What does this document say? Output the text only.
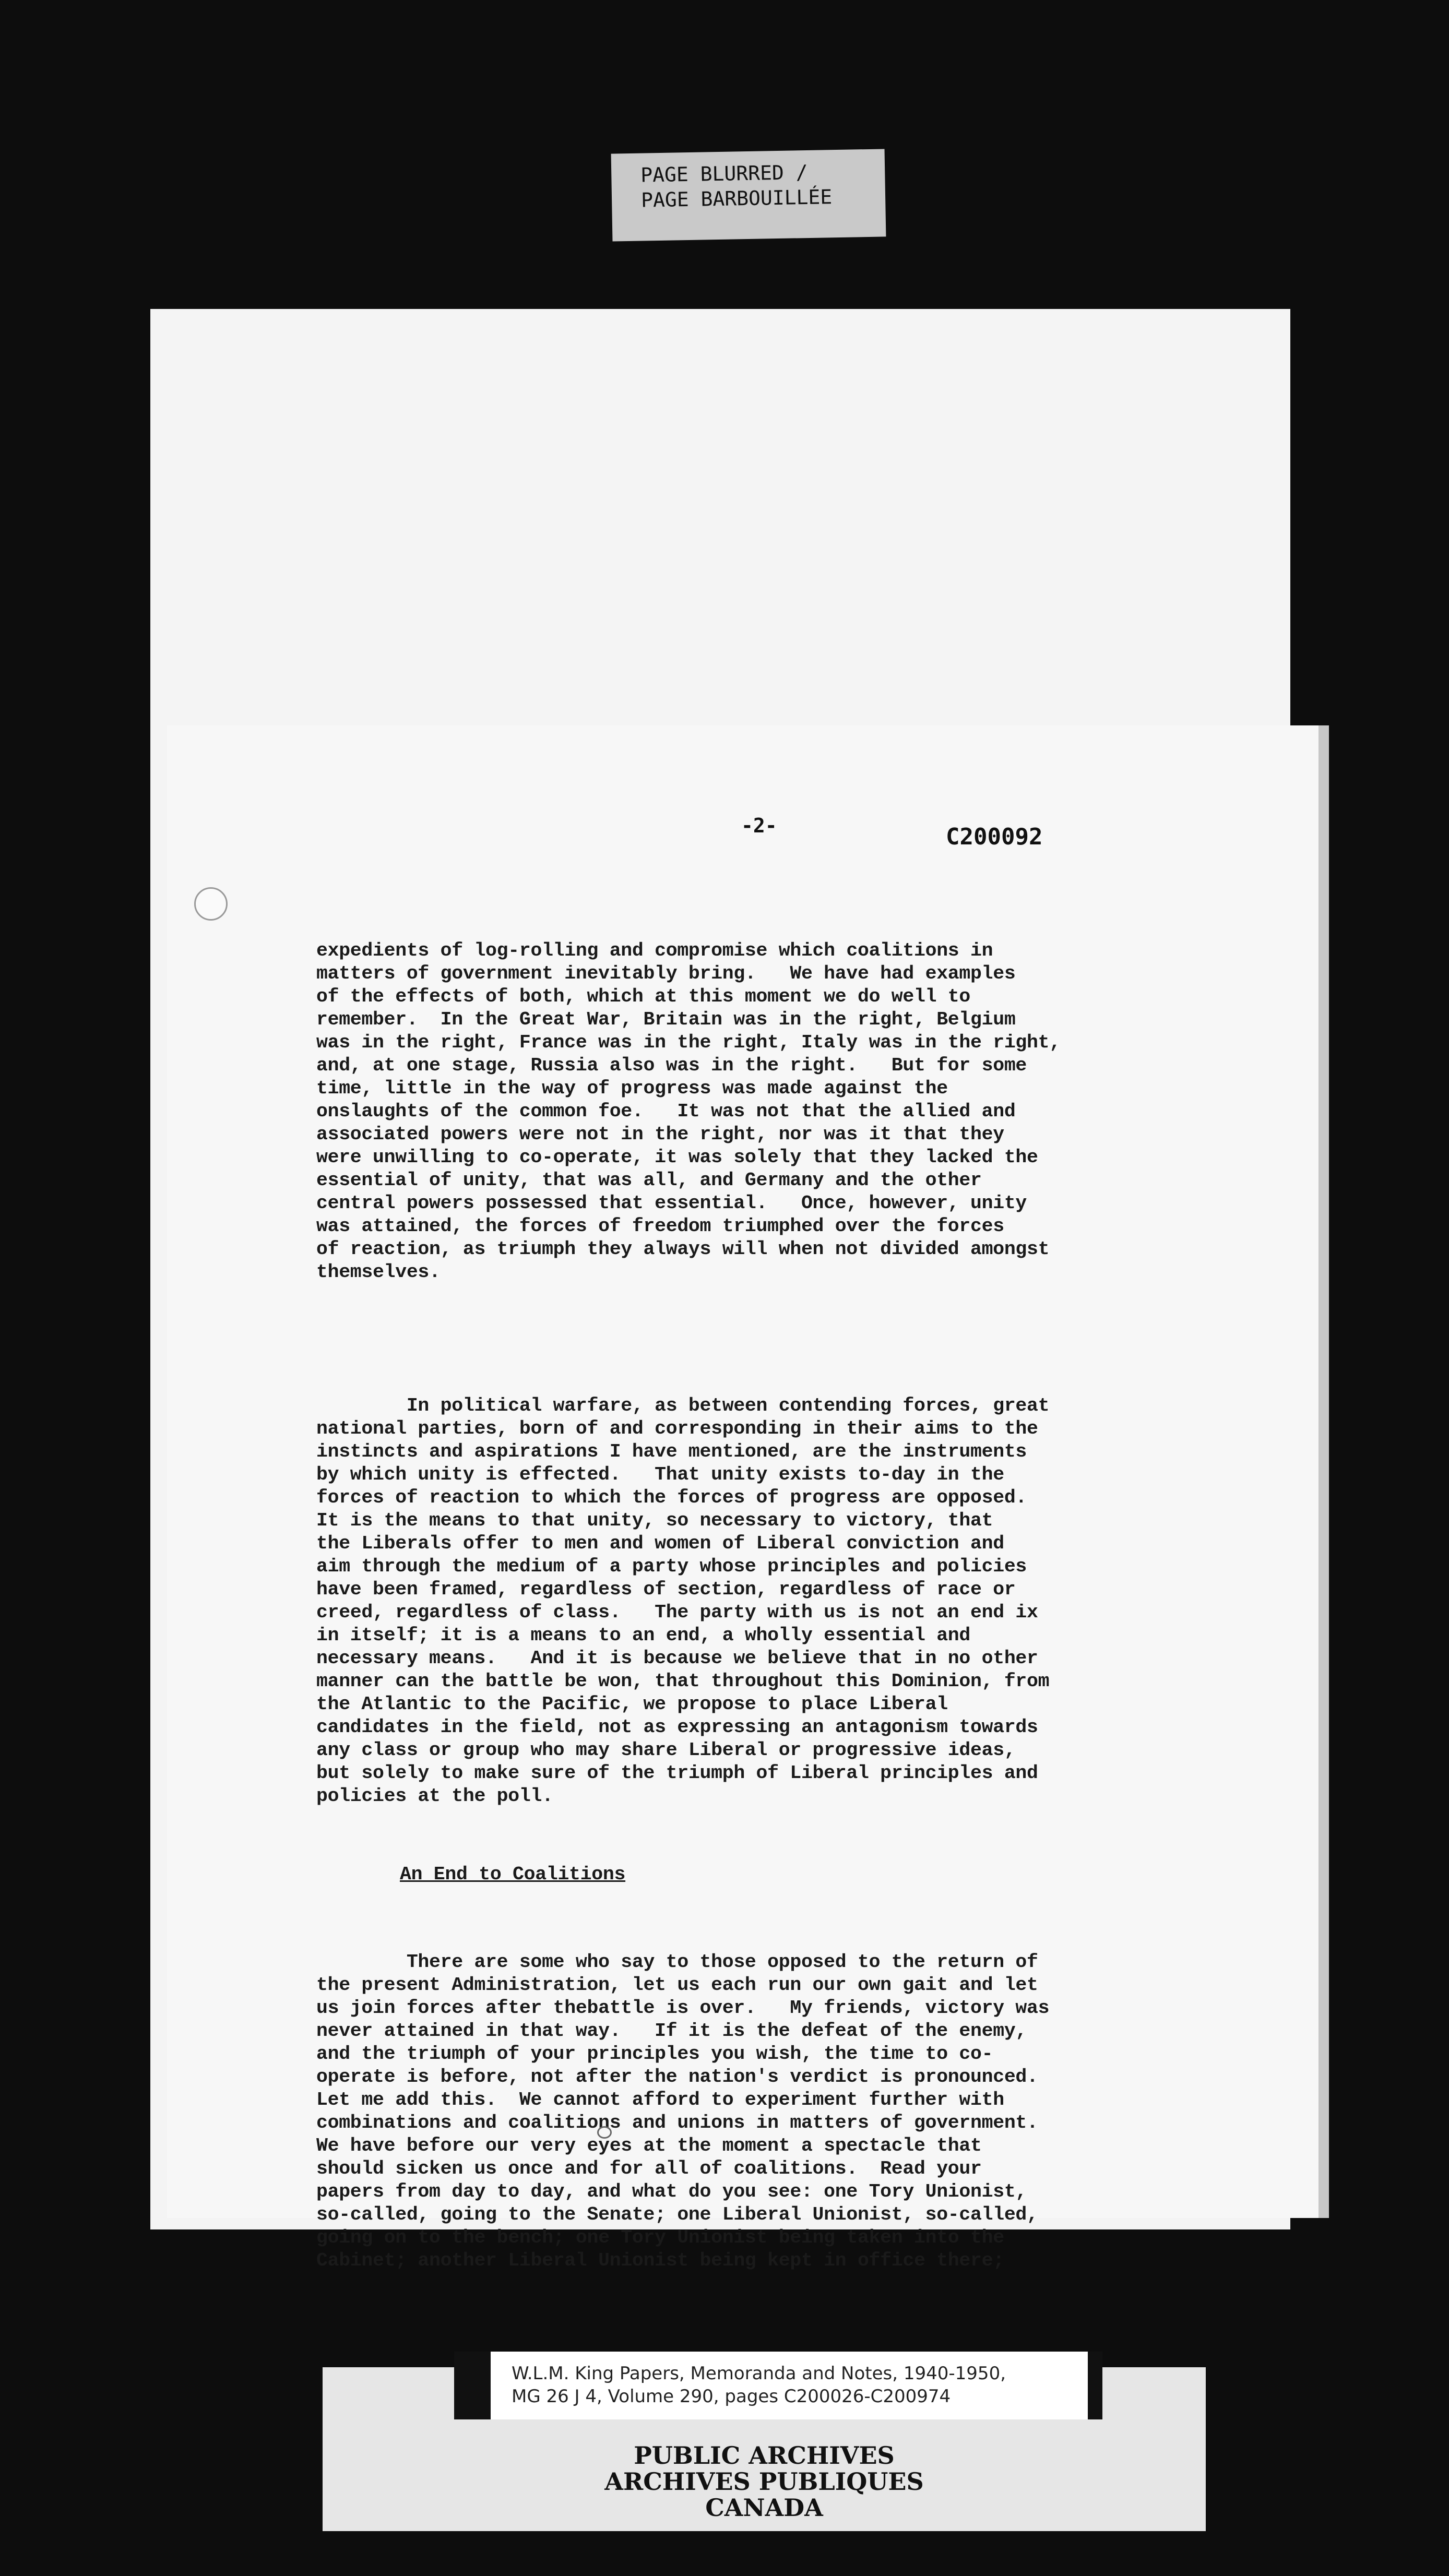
PAGE BLURRED /
PAGE BARBOUILLÉE
-2-	C200092

expedients of log-rolling and compromise which coalitions in
matters of government inevitably bring.   We have had examples
of the effects of both, which at this moment we do well to
remember.  In the Great War, Britain was in the right, Belgium
was in the right, France was in the right, Italy was in the right,
and, at one stage, Russia also was in the right.   But for some
time, little in the way of progress was made against the
onslaughts of the common foe.   It was not that the allied and
associated powers were not in the right, nor was it that they
were unwilling to co-operate, it was solely that they lacked the
essential of unity, that was all, and Germany and the other
central powers possessed that essential.   Once, however, unity
was attained, the forces of freedom triumphed over the forces
of reaction, as triumph they always will when not divided amongst
themselves.

In political warfare, as between contending forces, great
national parties, born of and corresponding in their aims to the
instincts and aspirations I have mentioned, are the instruments
by which unity is effected.   That unity exists to-day in the
forces of reaction to which the forces of progress are opposed.
It is the means to that unity, so necessary to victory, that
the Liberals offer to men and women of Liberal conviction and
aim through the medium of a party whose principles and policies
have been framed, regardless of section, regardless of race or
creed, regardless of class.   The party with us is not an end ix
in itself; it is a means to an end, a wholly essential and
necessary means.   And it is because we believe that in no other
manner can the battle be won, that throughout this Dominion, from
the Atlantic to the Pacific, we propose to place Liberal
candidates in the field, not as expressing an antagonism towards
any class or group who may share Liberal or progressive ideas,
but solely to make sure of the triumph of Liberal principles and
policies at the poll.

An End to Coalitions

There are some who say to those opposed to the return of
the present Administration, let us each run our own gait and let
us join forces after thebattle is over.   My friends, victory was
never attained in that way.   If it is the defeat of the enemy,
and the triumph of your principles you wish, the time to co-
operate is before, not after the nation's verdict is pronounced.
Let me add this.  We cannot afford to experiment further with
combinations and coalitions and unions in matters of government.
We have before our very eyes at the moment a spectacle that
should sicken us once and for all of coalitions.  Read your
papers from day to day, and what do you see: one Tory Unionist,
so-called, going to the Senate; one Liberal Unionist, so-called,
going on to the bench; one Tory Unionist being taken into the
Cabinet; another Liberal Unionist being kept in office there;

W.L.M. King Papers, Memoranda and Notes, 1940-1950,
MG 26 J 4, Volume 290, pages C200026-C200974
PUBLIC ARCHIVES
ARCHIVES PUBLIQUES
CANADA
